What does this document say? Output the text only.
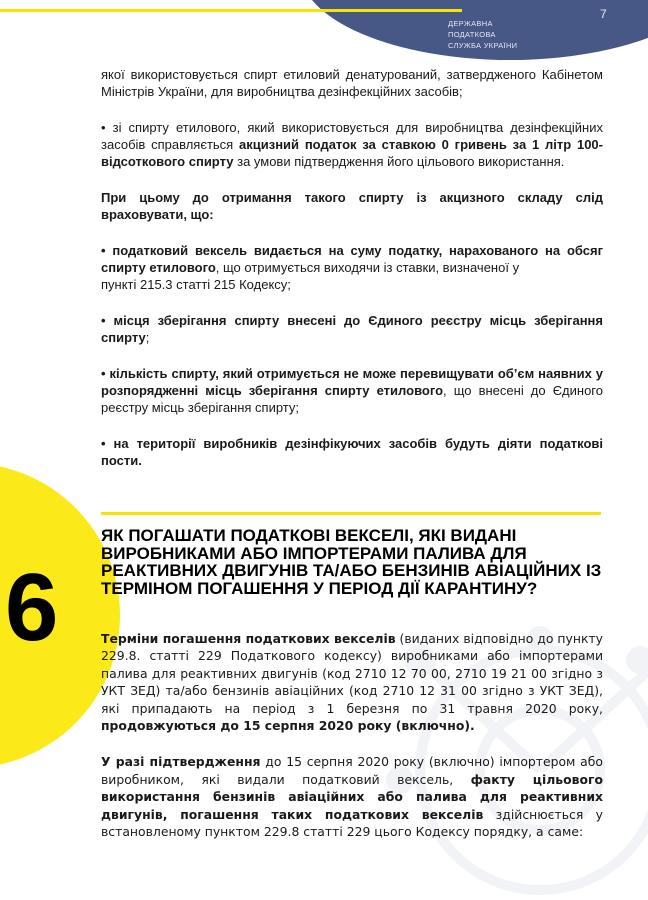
ДЕРЖАВНА
ПОДАТКОВА
СЛУЖБА УКРАЇНИ
7
6

якої використовується спирт етиловий денатурований, затвердженого Кабінетом Міністрів України, для виробництва дезінфекційних засобів;

• зі спирту етилового, який використовується для виробництва дезінфекційних засобів справляється акцизний податок за ставкою 0 гривень за 1 літр 100-відсоткового спирту за умови підтвердження його цільового використання.

При цьому до отримання такого спирту із акцизного складу слід враховувати, що:

• податковий вексель видається на суму податку, нарахованого на обсяг спирту етилового, що отримується виходячи із ставки, визначеної у
пункті 215.3 статті 215 Кодексу;

• місця зберігання спирту внесені до Єдиного реєстру місць зберігання спирту;

• кількість спирту, який отримується не може перевищувати об’єм наявних у розпорядженні місць зберігання спирту етилового, що внесені до Єдиного реєстру місць зберігання спирту;

• на території виробників дезінфікуючих засобів будуть діяти податкові пости.

ЯК ПОГАШАТИ ПОДАТКОВІ ВЕКСЕЛІ, ЯКІ ВИДАНІ ВИРОБНИКАМИ АБО ІМПОРТЕРАМИ ПАЛИВА ДЛЯ РЕАКТИВНИХ ДВИГУНІВ ТА/АБО БЕНЗИНІВ АВІАЦІЙНИХ ІЗ ТЕРМІНОМ ПОГАШЕННЯ У ПЕРІОД ДІЇ КАРАНТИНУ?

Терміни погашення податкових векселів (виданих відповідно до пункту 229.8. статті 229 Податкового кодексу) виробниками або імпортерами палива для реактивних двигунів (код 2710 12 70 00, 2710 19 21 00 згідно з УКТ ЗЕД) та/або бензинів авіаційних (код 2710 12 31 00 згідно з УКТ ЗЕД), які припадають на період з 1 березня по 31 травня 2020 року, продовжуються до 15 серпня 2020 року (включно).

У разі підтвердження до 15 серпня 2020 року (включно) імпортером або виробником, які видали податковий вексель, факту цільового використання бензинів авіаційних або палива для реактивних двигунів, погашення таких податкових векселів здійснюється у встановленому пунктом 229.8 статті 229 цього Кодексу порядку, а саме:
